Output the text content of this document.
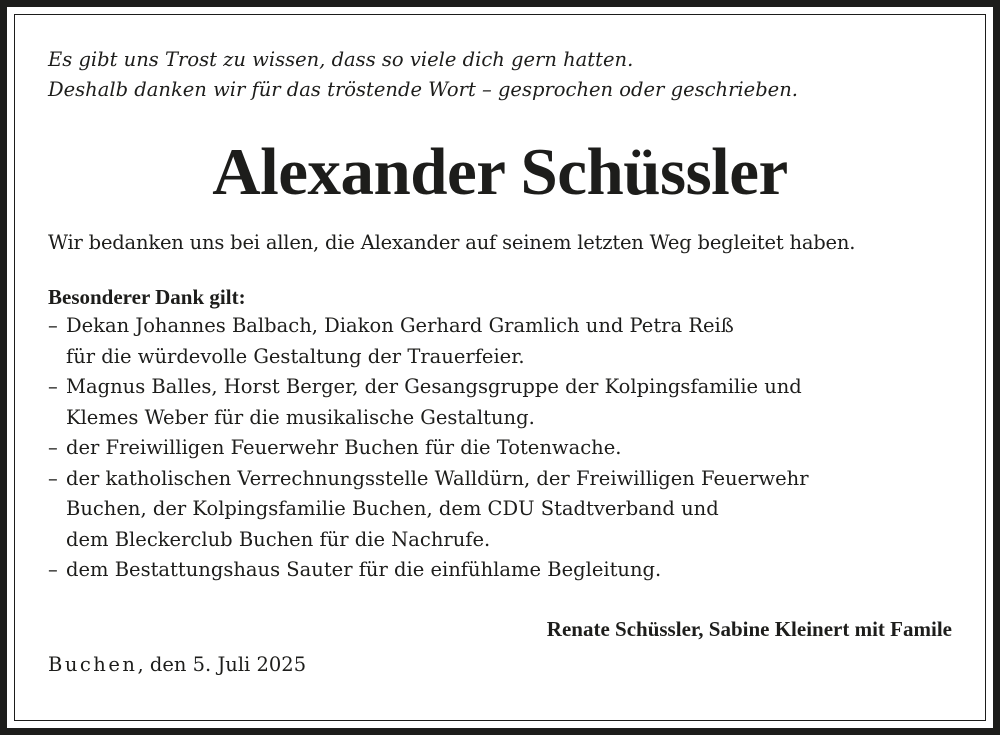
Es gibt uns Trost zu wissen, dass so viele dich gern hatten.
Deshalb danken wir für das tröstende Wort – gesprochen oder geschrieben.
Alexander Schüssler
Wir bedanken uns bei allen, die Alexander auf seinem letzten Weg begleitet haben.
Besonderer Dank gilt:
– Dekan Johannes Balbach, Diakon Gerhard Gramlich und Petra Reiß
für die würdevolle Gestaltung der Trauerfeier.
– Magnus Balles, Horst Berger, der Gesangsgruppe der Kolpingsfamilie und
Klemes Weber für die musikalische Gestaltung.
– der Freiwilligen Feuerwehr Buchen für die Totenwache.
– der katholischen Verrechnungsstelle Walldürn, der Freiwilligen Feuerwehr
Buchen, der Kolpingsfamilie Buchen, dem CDU Stadtverband und
dem Bleckerclub Buchen für die Nachrufe.
– dem Bestattungshaus Sauter für die einfühlame Begleitung.
Renate Schüssler, Sabine Kleinert mit Famile
Buchen, den 5. Juli 2025
